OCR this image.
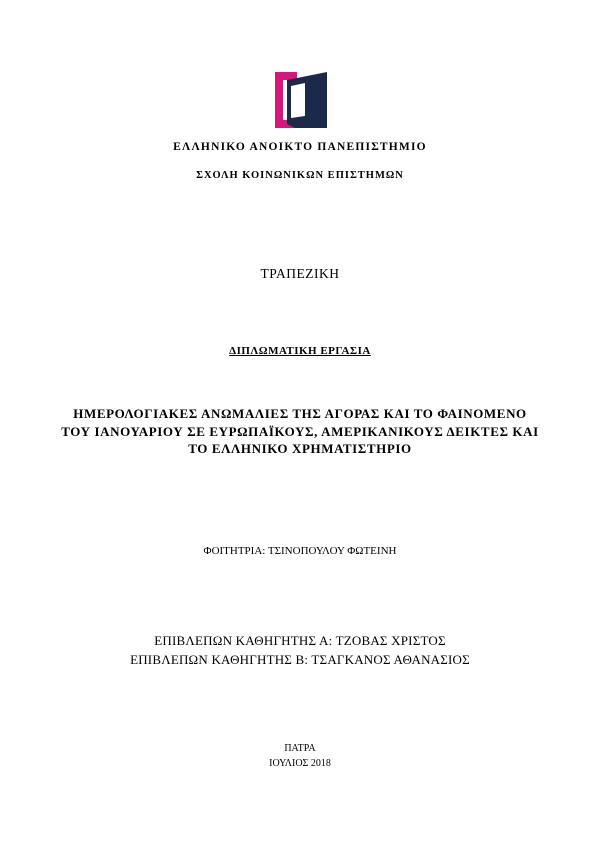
ΕΛΛΗΝΙΚΟ ΑΝΟΙΚΤΟ ΠΑΝΕΠΙΣΤΗΜΙΟ
ΣΧΟΛΗ ΚΟΙΝΩΝΙΚΩΝ ΕΠΙΣΤΗΜΩΝ
ΤΡΑΠΕΖΙΚΗ
ΔΙΠΛΩΜΑΤΙΚΗ ΕΡΓΑΣΙΑ
ΗΜΕΡΟΛΟΓΙΑΚΕΣ ΑΝΩΜΑΛΙΕΣ ΤΗΣ ΑΓΟΡΑΣ ΚΑΙ ΤΟ ΦΑΙΝΟΜΕΝΟ ΤΟΥ ΙΑΝΟΥΑΡΙΟΥ ΣΕ ΕΥΡΩΠΑΪΚΟΥΣ, ΑΜΕΡΙΚΑΝΙΚΟΥΣ ΔΕΙΚΤΕΣ ΚΑΙ ΤΟ ΕΛΛΗΝΙΚΟ ΧΡΗΜΑΤΙΣΤΗΡΙΟ
ΦΟΙΤΗΤΡΙΑ: ΤΣΙΝΟΠΟΥΛΟΥ ΦΩΤΕΙΝΗ
ΕΠΙΒΛΕΠΩΝ ΚΑΘΗΓΗΤΗΣ Α: ΤΖΟΒΑΣ ΧΡΙΣΤΟΣ
ΕΠΙΒΛΕΠΩΝ ΚΑΘΗΓΗΤΗΣ Β: ΤΣΑΓΚΑΝΟΣ ΑΘΑΝΑΣΙΟΣ
ΠΑΤΡΑ
ΙΟΥΛΙΟΣ 2018
